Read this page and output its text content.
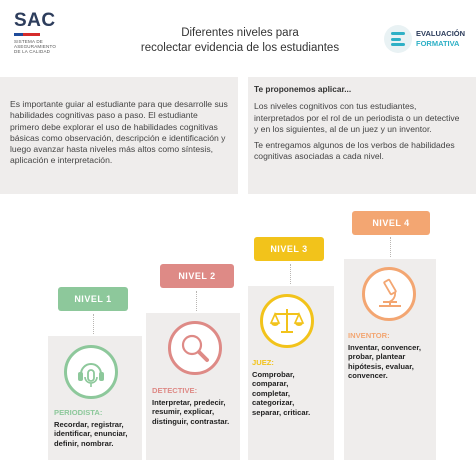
SAC
SISTEMA DE
ASEGURAMIENTO
DE LA CALIDAD
Diferentes niveles para
recolectar evidencia de los estudiantes
EVALUACIÓN
FORMATIVA
Es importante guiar al estudiante para que desarrolle sus habilidades cognitivas paso a paso. El estudiante primero debe explorar el uso de habilidades cognitivas básicas como observación, descripción e identificación y luego avanzar hasta niveles más altos como síntesis, aplicación e interpretación.
Te proponemos aplicar...

Los niveles cognitivos con tus estudiantes, interpretados por el rol de un periodista o un detective y en los siguientes, al de un juez y un inventor.

Te entregamos algunos de los verbos de habilidades cognitivas asociadas a cada nivel.

NIVEL 1
PERIODISTA:
Recordar, registrar, identificar, enunciar, definir, nombrar.
NIVEL 2
DETECTIVE:
Interpretar, predecir, resumir, explicar, distinguir, contrastar.
NIVEL 3
JUEZ:
Comprobar, comparar, completar, categorizar, separar, criticar.
NIVEL 4
INVENTOR:
Inventar, convencer, probar, plantear hipótesis, evaluar, convencer.
